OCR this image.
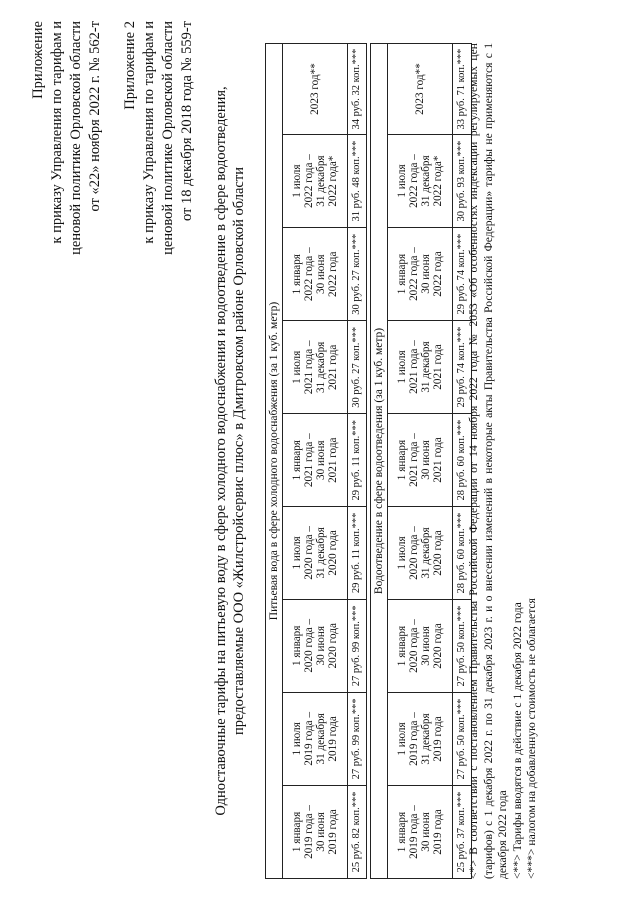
Приложение к приказу Управления по тарифам и ценовой политике Орловской области от «22» ноября 2022 г. № 562-т Приложение 2 к приказу Управления по тарифам и ценовой политике Орловской области от 18 декабря 2018 года № 559-т Одноставочные тарифы на питьевую воду в сфере холодного водоснабжения и водоотведение в сфере водоотведения, предоставляемые ООО «Жилстройсервис плюс» в Дмитровском районе Орловской области Питьевая вода в сфере холодного водоснабжения (за 1 куб. метр)								
1 января
2019 года –
30 июня
2019 года	1 июля
2019 года –
31 декабря
2019 года	1 января
2020 года –
30 июня
2020 года	1 июля
2020 года –
31 декабря
2020 года	1 января
2021 года –
30 июня
2021 года	1 июля
2021 года –
31 декабря
2021 года	1 января
2022 года –
30 июня
2022 года	1 июля
2022 года –
31 декабря
2022 года*	2023 год**
25 руб. 82 коп.***	27 руб. 99 коп.***	27 руб. 99 коп.***	29 руб. 11 коп.***	29 руб. 11 коп.***	30 руб. 27 коп.***	30 руб. 27 коп.***	31 руб. 48 коп.***	34 руб. 32 коп.***
Водоотведение в сфере водоотведения (за 1 куб. метр)								
1 января
2019 года –
30 июня
2019 года	1 июля
2019 года –
31 декабря
2019 года	1 января
2020 года –
30 июня
2020 года	1 июля
2020 года –
31 декабря
2020 года	1 января
2021 года –
30 июня
2021 года	1 июля
2021 года –
31 декабря
2021 года	1 января
2022 года –
30 июня
2022 года	1 июля
2022 года –
31 декабря
2022 года*	2023 год**
25 руб. 37 коп.***	27 руб. 50 коп.***	27 руб. 50 коп.***	28 руб. 60 коп.***	28 руб. 60 коп.***	29 руб. 74 коп.***	29 руб. 74 коп.***	30 руб. 93 коп.***	33 руб. 71 коп.*** <*> В соответствии с постановлением Правительства Российской Федерации от 14 ноября 2022 года № 2053 «Об особенностях индексации регулируемых цен (тарифов) с 1 декабря 2022 г. по 31 декабря 2023 г. и о внесении изменений в некоторые акты Правительства Российской Федерации» тарифы не применяются с 1 декабря 2022 года <**> Тарифы вводятся в действие с 1 декабря 2022 года <***> налогом на добавленную стоимость не облагается
